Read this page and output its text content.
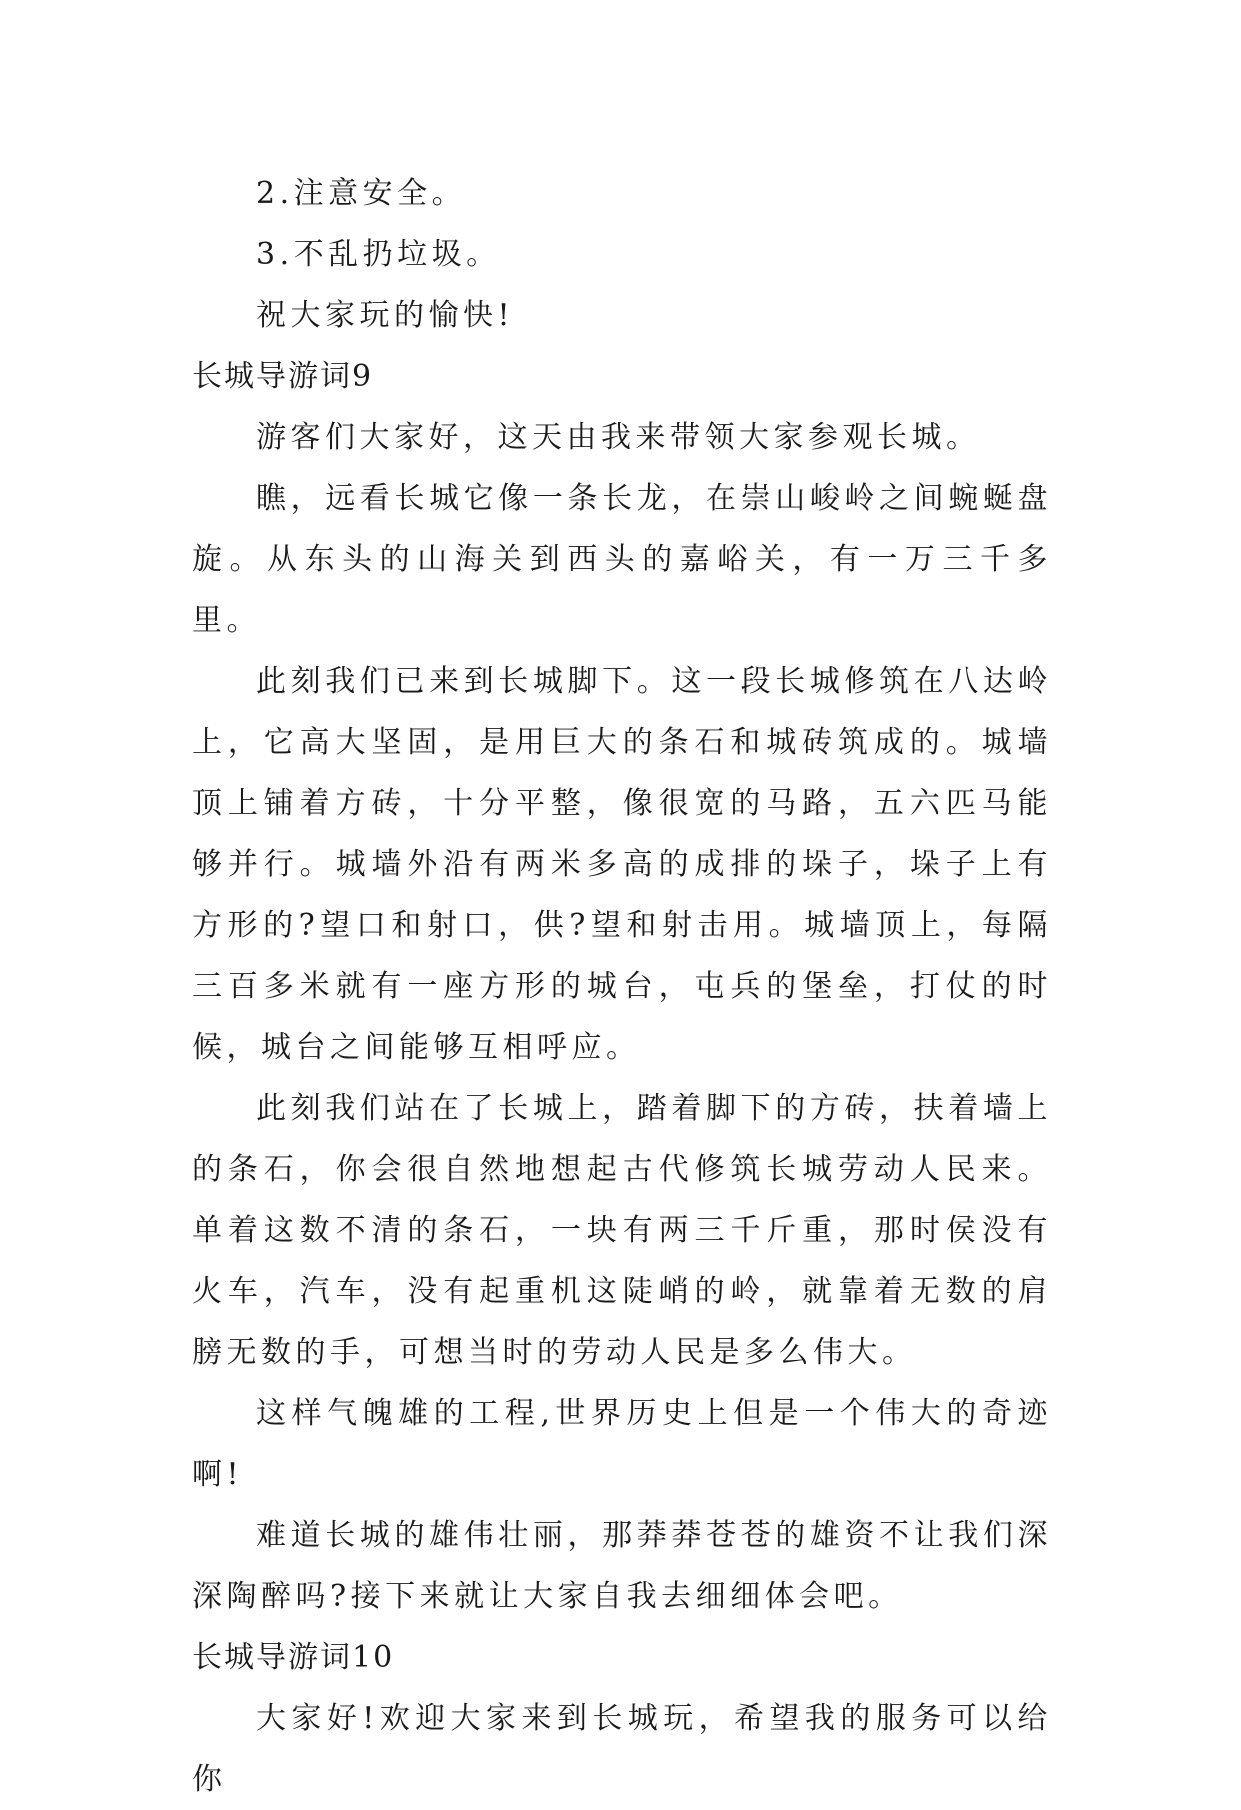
2.注意安全。

3.不乱扔垃圾。

祝大家玩的愉快!

长城导游词9

游客们大家好，这天由我来带领大家参观长城。

瞧，远看长城它像一条长龙，在崇山峻岭之间蜿蜒盘旋。从东头的山海关到西头的嘉峪关，有一万三千多里。

此刻我们已来到长城脚下。这一段长城修筑在八达岭上，它高大坚固，是用巨大的条石和城砖筑成的。城墙顶上铺着方砖，十分平整，像很宽的马路，五六匹马能够并行。城墙外沿有两米多高的成排的垛子，垛子上有方形的?望口和射口，供?望和射击用。城墙顶上，每隔三百多米就有一座方形的城台，屯兵的堡垒，打仗的时候，城台之间能够互相呼应。

此刻我们站在了长城上，踏着脚下的方砖，扶着墙上的条石，你会很自然地想起古代修筑长城劳动人民来。单着这数不清的条石，一块有两三千斤重，那时侯没有火车，汽车，没有起重机这陡峭的岭，就靠着无数的肩膀无数的手，可想当时的劳动人民是多么伟大。

这样气魄雄的工程,世界历史上但是一个伟大的奇迹啊!

难道长城的雄伟壮丽，那莽莽苍苍的雄资不让我们深深陶醉吗?接下来就让大家自我去细细体会吧。

长城导游词10

大家好!欢迎大家来到长城玩，希望我的服务可以给你
